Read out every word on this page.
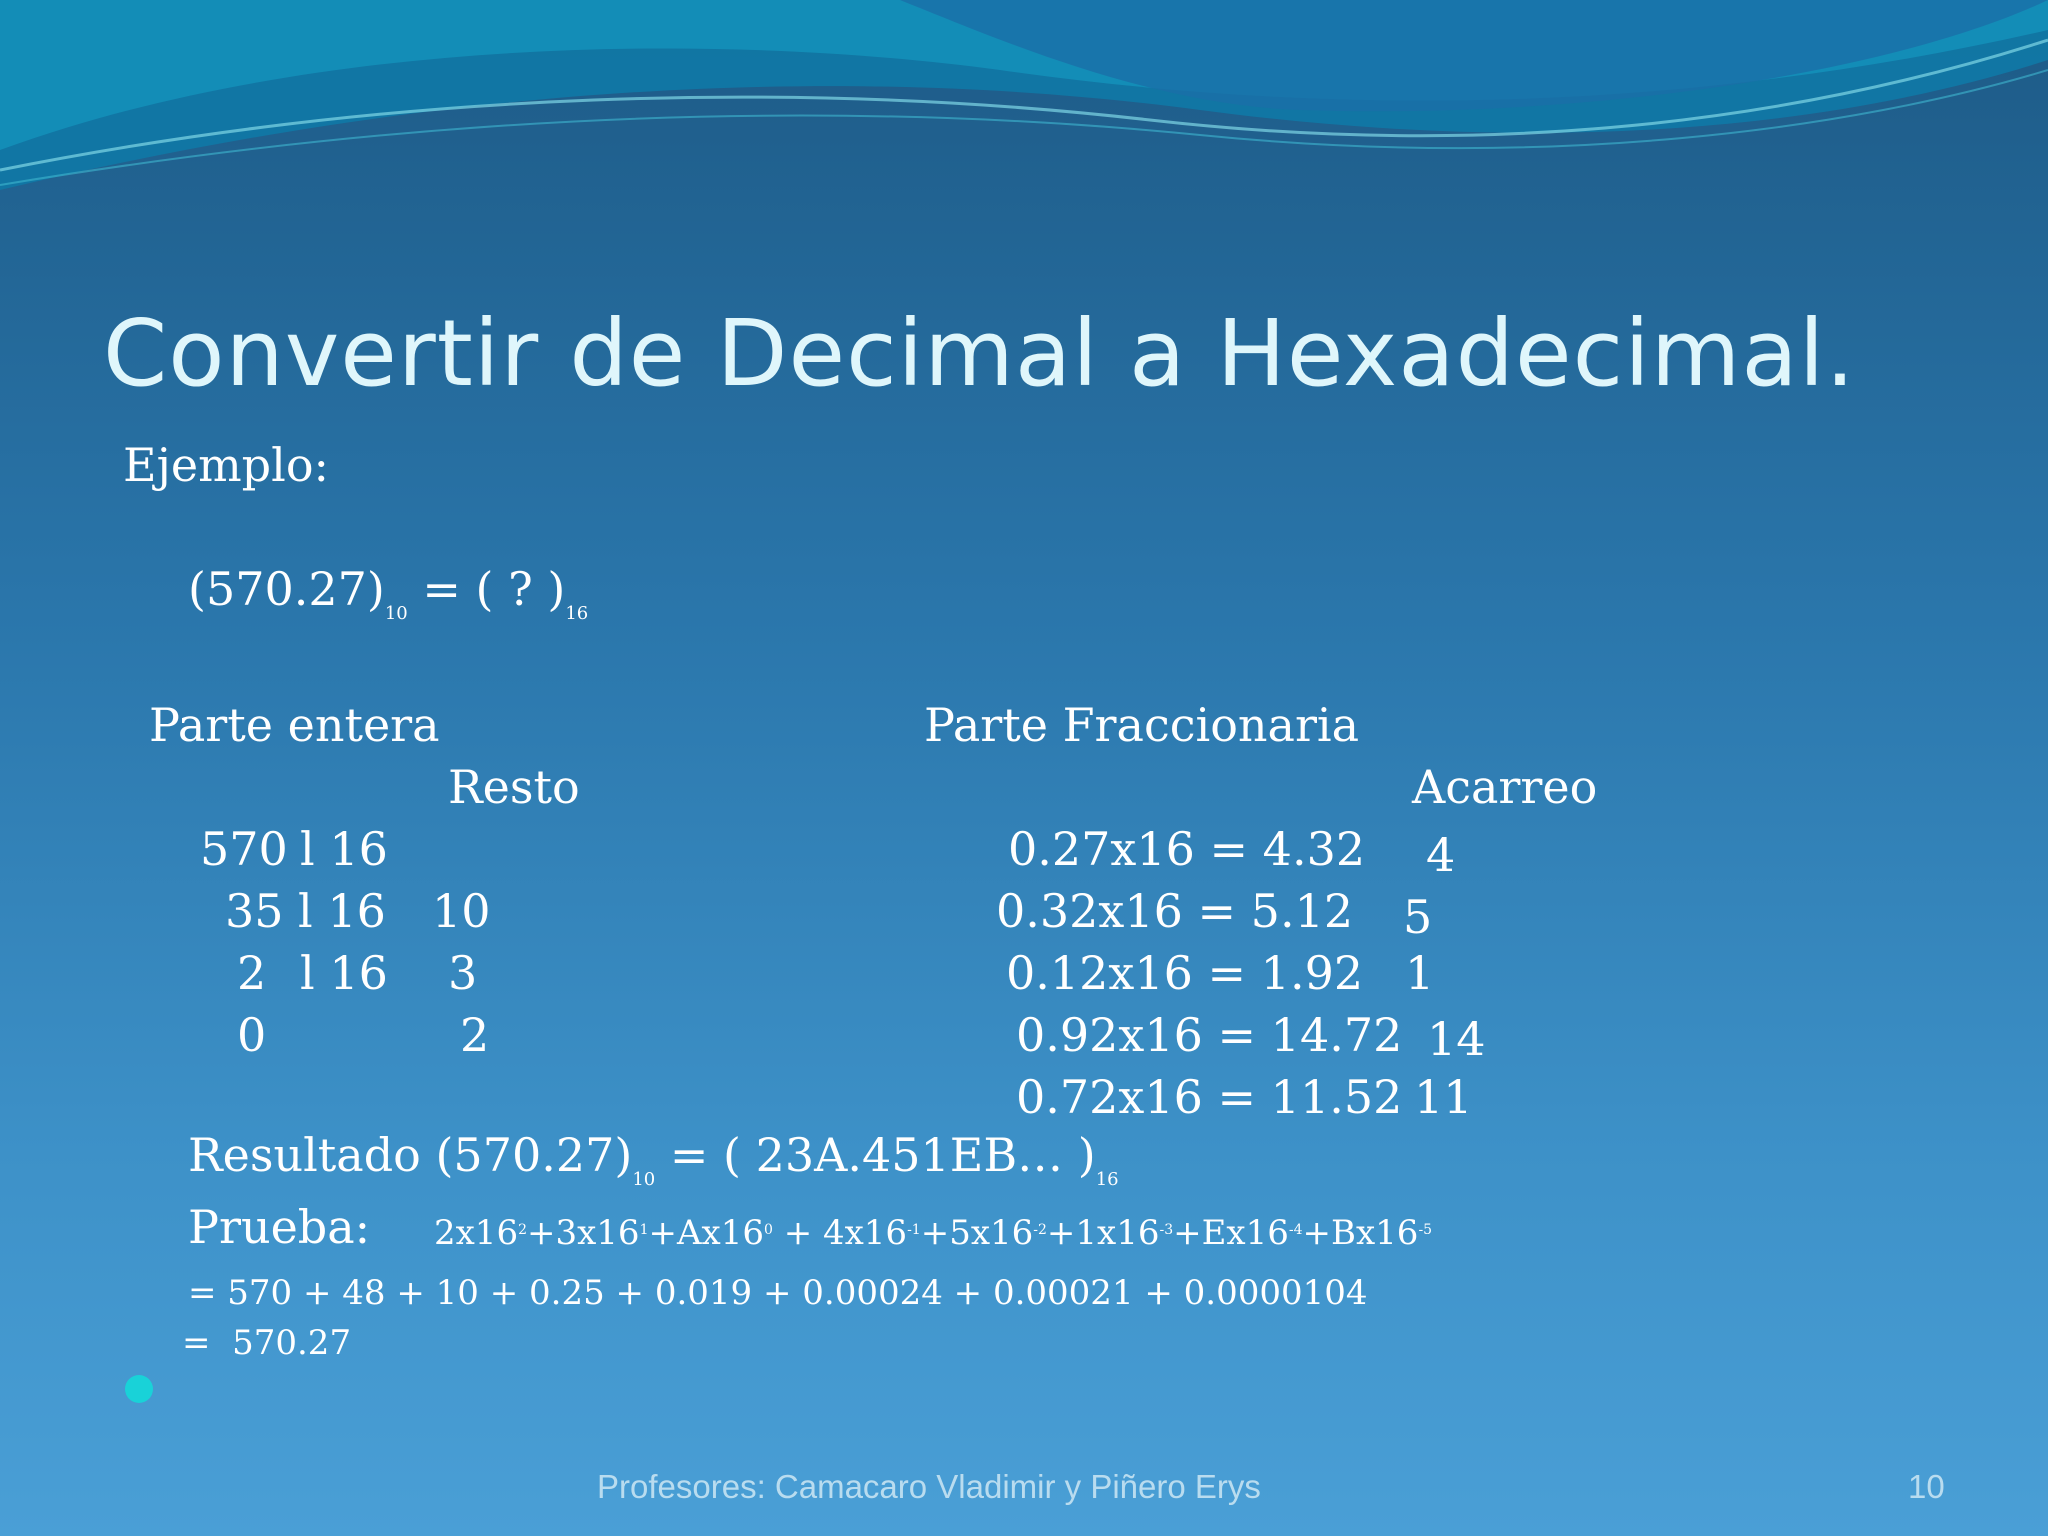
Convertir de Decimal a Hexadecimal.
Ejemplo:
$(570.27)_{10}$ = ( ? )$_{16}$
Parte entera
Resto
570 l 16
35 l 16 10
2 l 16 3
0	2
Parte Fraccionaria
Acarreo
0.27x16 = 4.32 4
0.32x16 = 5.12 5
0.12x16 = 1.92 1
0.92x16 = 14.72 14
0.72x16 = 11.52 11
Resultado $(570.27)_{10}$ = ( 23A.451EB… )$_{16}$
Prueba: $2x16^2+3x16^1+Ax16^0 + 4x16^{-1}+5x16^{-2}+1x16^{-3}+Ex16^{-4}+Bx16^{-5}$
= 570 + 48 + 10 + 0.25 + 0.019 + 0.00024 + 0.00021 + 0.0000104
=  570.27
Profesores: Camacaro Vladimir y Piñero Erys	10
